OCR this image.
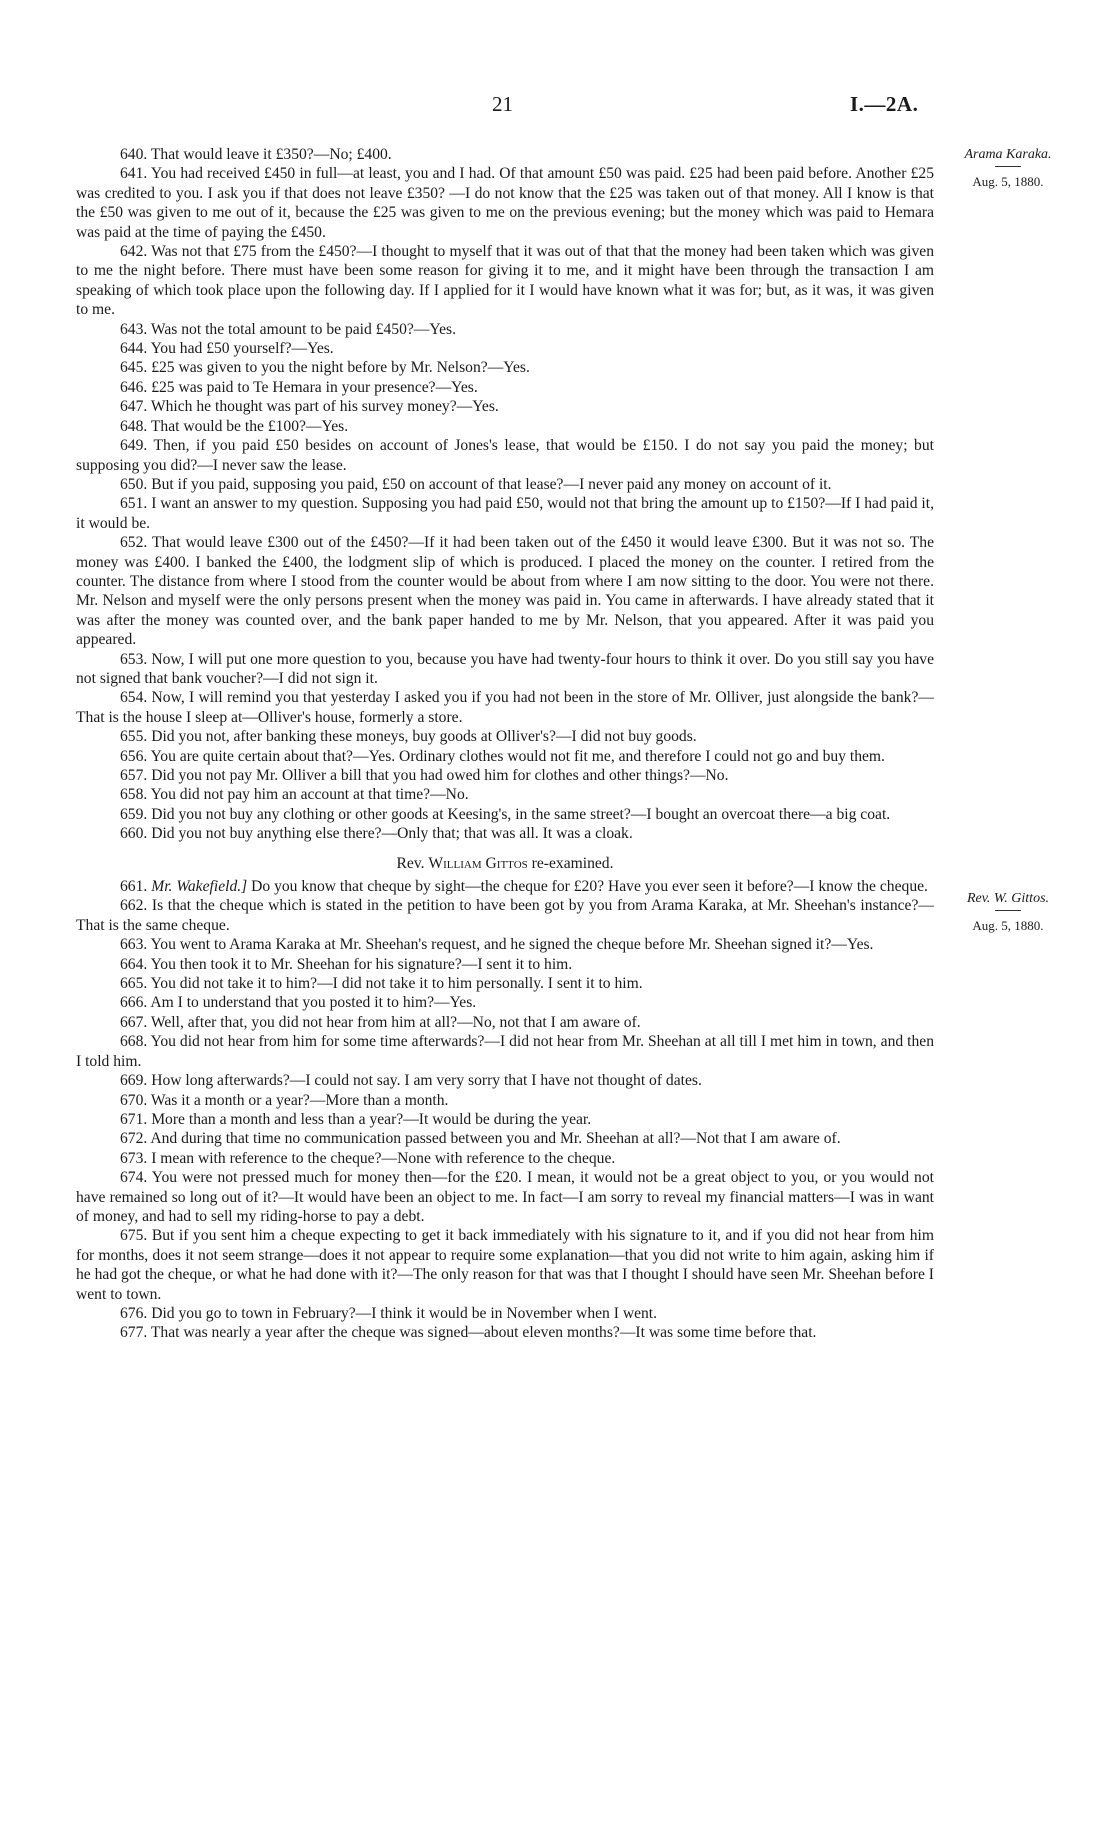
21	I.—2A.
Arama Karaka.
Aug. 5, 1880.
Rev. W. Gittos.
Aug. 5, 1880.

640. That would leave it £350?—No; £400.

641. You had received £450 in full—at least, you and I had. Of that amount £50 was paid. £25 had been paid before. Another £25 was credited to you. I ask you if that does not leave £350? —I do not know that the £25 was taken out of that money. All I know is that the £50 was given to me out of it, because the £25 was given to me on the previous evening; but the money which was paid to Hemara was paid at the time of paying the £450.

642. Was not that £75 from the £450?—I thought to myself that it was out of that that the money had been taken which was given to me the night before. There must have been some reason for giving it to me, and it might have been through the transaction I am speaking of which took place upon the following day. If I applied for it I would have known what it was for; but, as it was, it was given to me.

643. Was not the total amount to be paid £450?—Yes.

644. You had £50 yourself?—Yes.

645. £25 was given to you the night before by Mr. Nelson?—Yes.

646. £25 was paid to Te Hemara in your presence?—Yes.

647. Which he thought was part of his survey money?—Yes.

648. That would be the £100?—Yes.

649. Then, if you paid £50 besides on account of Jones's lease, that would be £150. I do not say you paid the money; but supposing you did?—I never saw the lease.

650. But if you paid, supposing you paid, £50 on account of that lease?—I never paid any money on account of it.

651. I want an answer to my question. Supposing you had paid £50, would not that bring the amount up to £150?—If I had paid it, it would be.

652. That would leave £300 out of the £450?—If it had been taken out of the £450 it would leave £300. But it was not so. The money was £400. I banked the £400, the lodgment slip of which is produced. I placed the money on the counter. I retired from the counter. The distance from where I stood from the counter would be about from where I am now sitting to the door. You were not there. Mr. Nelson and myself were the only persons present when the money was paid in. You came in afterwards. I have already stated that it was after the money was counted over, and the bank paper handed to me by Mr. Nelson, that you appeared. After it was paid you appeared.

653. Now, I will put one more question to you, because you have had twenty-four hours to think it over. Do you still say you have not signed that bank voucher?—I did not sign it.

654. Now, I will remind you that yesterday I asked you if you had not been in the store of Mr. Olliver, just alongside the bank?—That is the house I sleep at—Olliver's house, formerly a store.

655. Did you not, after banking these moneys, buy goods at Olliver's?—I did not buy goods.

656. You are quite certain about that?—Yes. Ordinary clothes would not fit me, and therefore I could not go and buy them.

657. Did you not pay Mr. Olliver a bill that you had owed him for clothes and other things?—No.

658. You did not pay him an account at that time?—No.

659. Did you not buy any clothing or other goods at Keesing's, in the same street?—I bought an overcoat there—a big coat.

660. Did you not buy anything else there?—Only that; that was all. It was a cloak.

Rev. William Gittos re-examined.

661. Mr. Wakefield.] Do you know that cheque by sight—the cheque for £20? Have you ever seen it before?—I know the cheque.

662. Is that the cheque which is stated in the petition to have been got by you from Arama Karaka, at Mr. Sheehan's instance?—That is the same cheque.

663. You went to Arama Karaka at Mr. Sheehan's request, and he signed the cheque before Mr. Sheehan signed it?—Yes.

664. You then took it to Mr. Sheehan for his signature?—I sent it to him.

665. You did not take it to him?—I did not take it to him personally. I sent it to him.

666. Am I to understand that you posted it to him?—Yes.

667. Well, after that, you did not hear from him at all?—No, not that I am aware of.

668. You did not hear from him for some time afterwards?—I did not hear from Mr. Sheehan at all till I met him in town, and then I told him.

669. How long afterwards?—I could not say. I am very sorry that I have not thought of dates.

670. Was it a month or a year?—More than a month.

671. More than a month and less than a year?—It would be during the year.

672. And during that time no communication passed between you and Mr. Sheehan at all?—Not that I am aware of.

673. I mean with reference to the cheque?—None with reference to the cheque.

674. You were not pressed much for money then—for the £20. I mean, it would not be a great object to you, or you would not have remained so long out of it?—It would have been an object to me. In fact—I am sorry to reveal my financial matters—I was in want of money, and had to sell my riding-horse to pay a debt.

675. But if you sent him a cheque expecting to get it back immediately with his signature to it, and if you did not hear from him for months, does it not seem strange—does it not appear to require some explanation—that you did not write to him again, asking him if he had got the cheque, or what he had done with it?—The only reason for that was that I thought I should have seen Mr. Sheehan before I went to town.

676. Did you go to town in February?—I think it would be in November when I went.

677. That was nearly a year after the cheque was signed—about eleven months?—It was some time before that.
